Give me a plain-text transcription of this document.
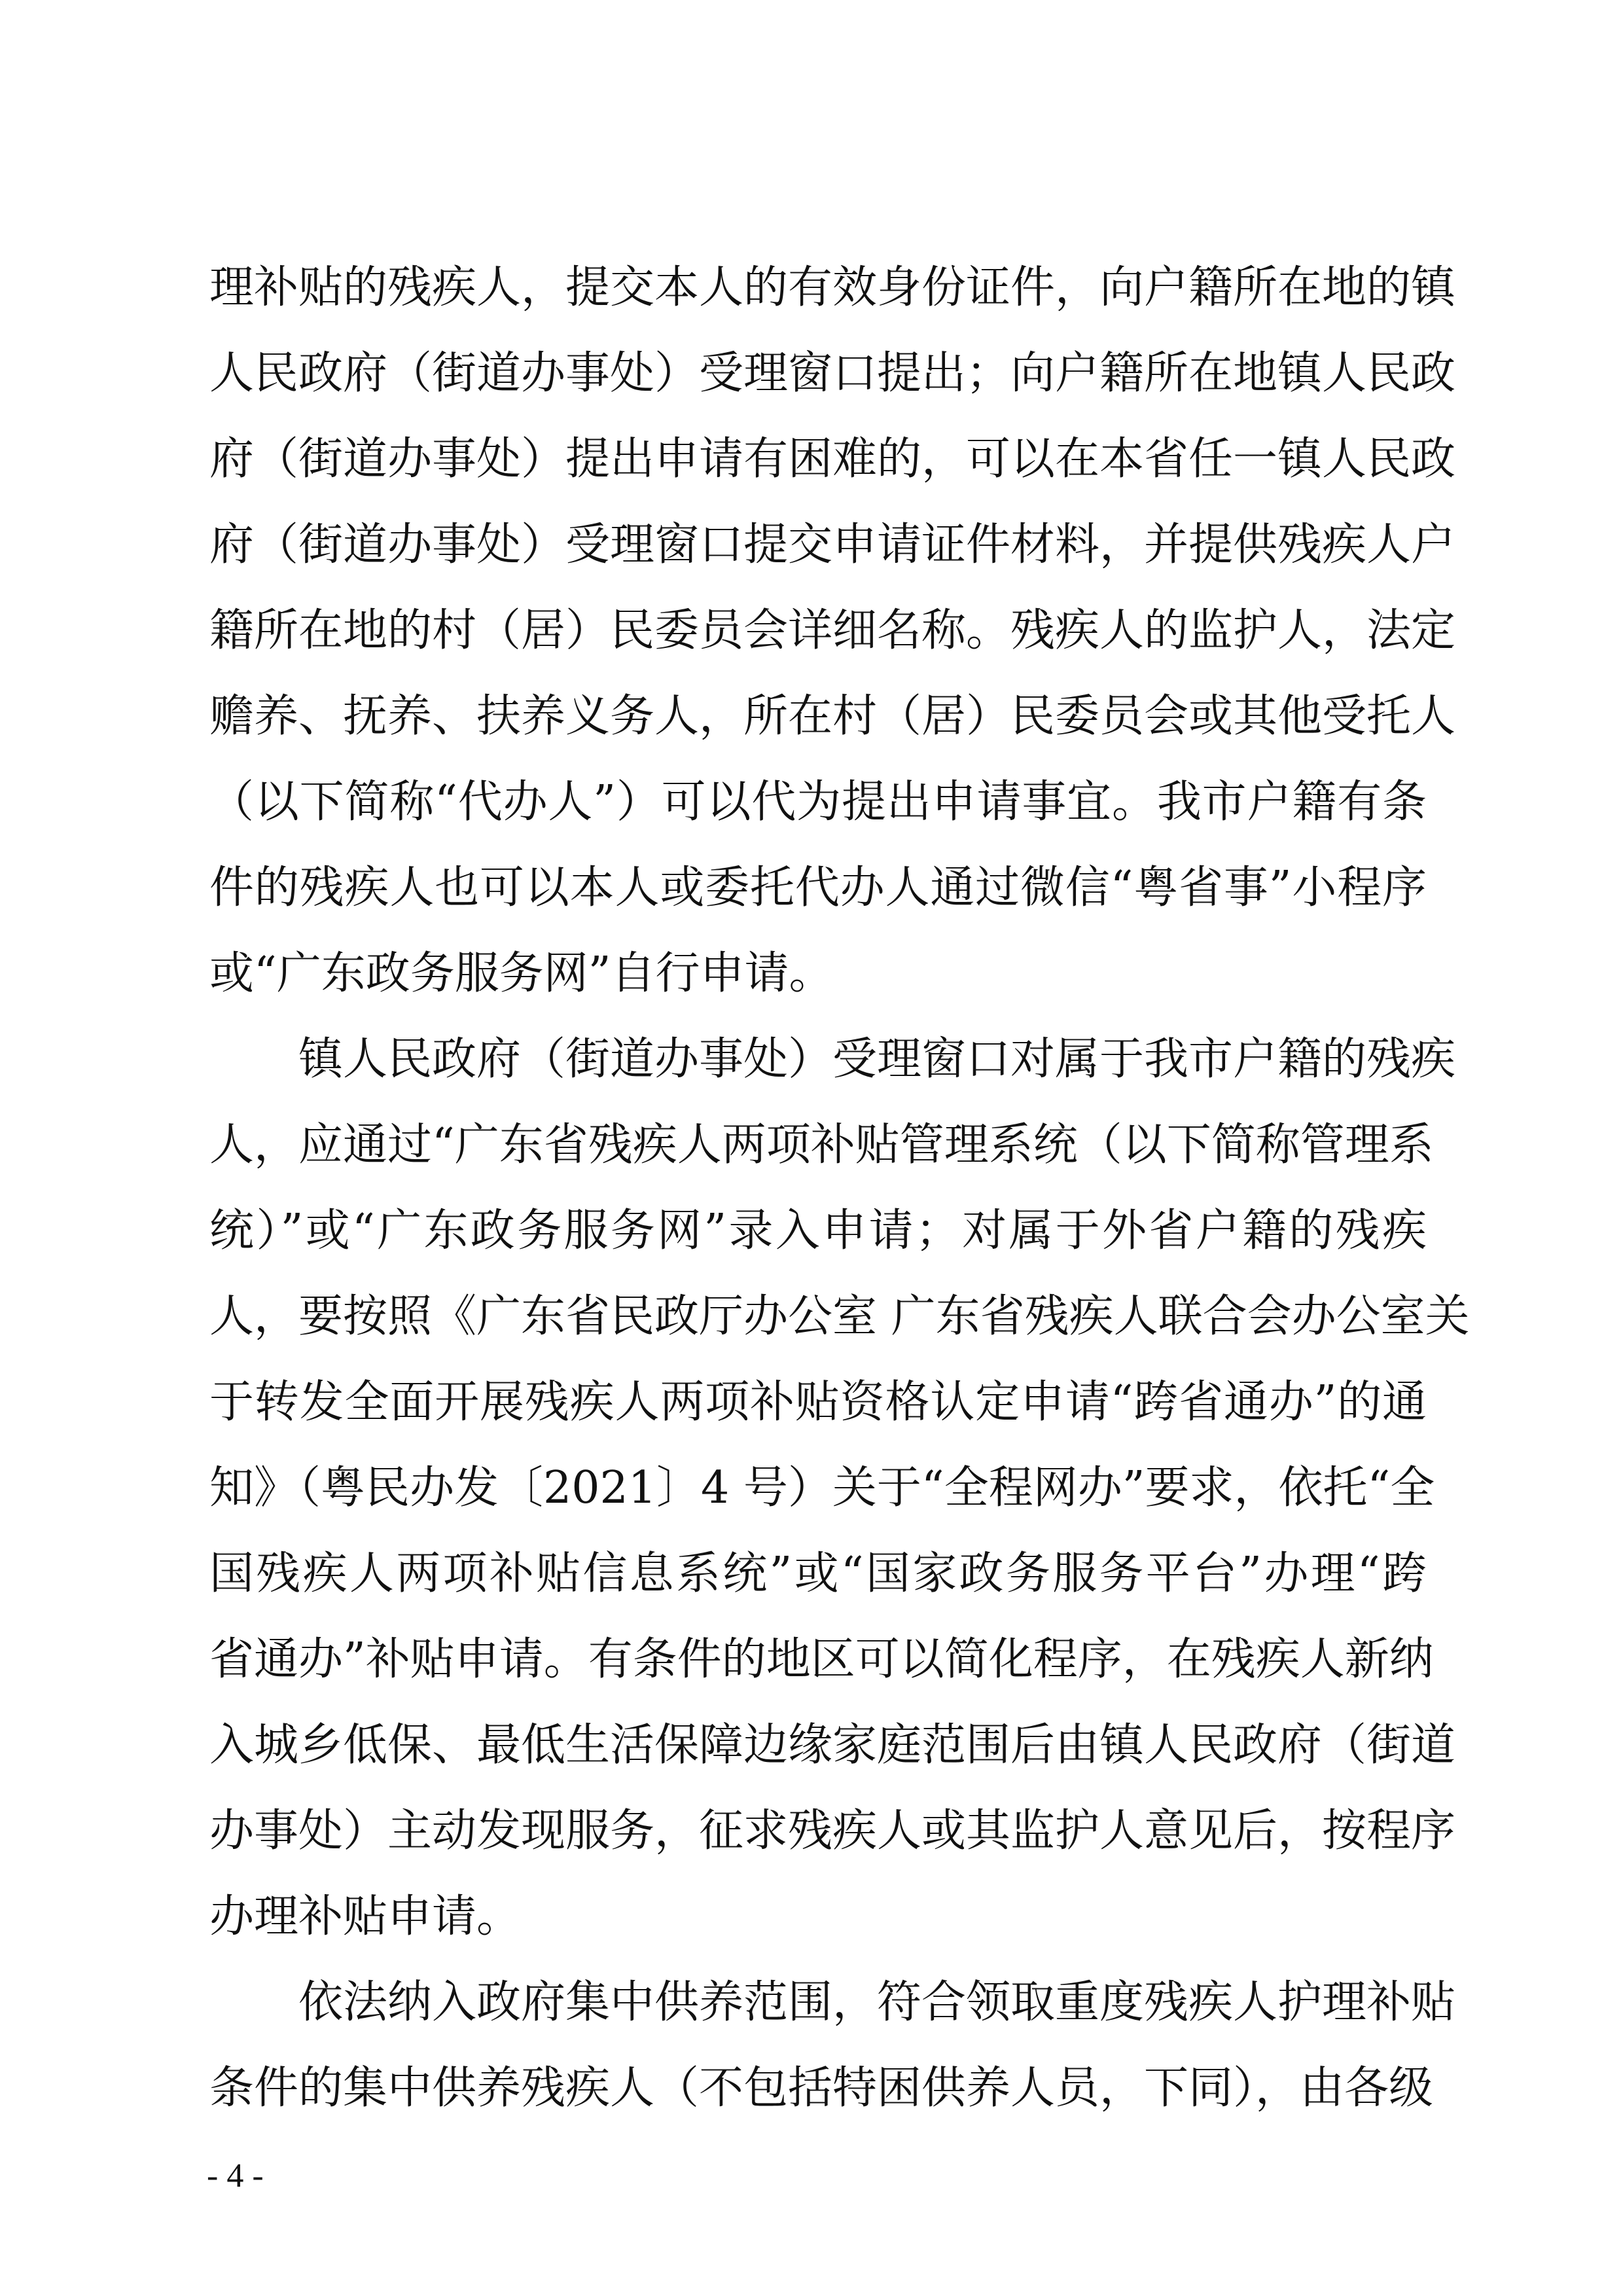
理补贴的残疾人，提交本人的有效身份证件，向户籍所在地的镇
人民政府（街道办事处）受理窗口提出；向户籍所在地镇人民政
府（街道办事处）提出申请有困难的，可以在本省任一镇人民政
府（街道办事处）受理窗口提交申请证件材料，并提供残疾人户
籍所在地的村（居）民委员会详细名称。残疾人的监护人，法定
赡养、抚养、扶养义务人，所在村（居）民委员会或其他受托人
（以下简称“代办人”）可以代为提出申请事宜。我市户籍有条
件的残疾人也可以本人或委托代办人通过微信“粤省事”小程序
或“广东政务服务网”自行申请。
镇人民政府（街道办事处）受理窗口对属于我市户籍的残疾
人，应通过“广东省残疾人两项补贴管理系统（以下简称管理系
统）”或“广东政务服务网”录入申请；对属于外省户籍的残疾
人，要按照《广东省民政厅办公室 广东省残疾人联合会办公室关
于转发全面开展残疾人两项补贴资格认定申请“跨省通办”的通
知》（粤民办发〔2021〕4 号）关于“全程网办”要求，依托“全
国残疾人两项补贴信息系统”或“国家政务服务平台”办理“跨
省通办”补贴申请。有条件的地区可以简化程序，在残疾人新纳
入城乡低保、最低生活保障边缘家庭范围后由镇人民政府（街道
办事处）主动发现服务，征求残疾人或其监护人意见后，按程序
办理补贴申请。
依法纳入政府集中供养范围，符合领取重度残疾人护理补贴
条件的集中供养残疾人（不包括特困供养人员，下同），由各级
- 4 -
